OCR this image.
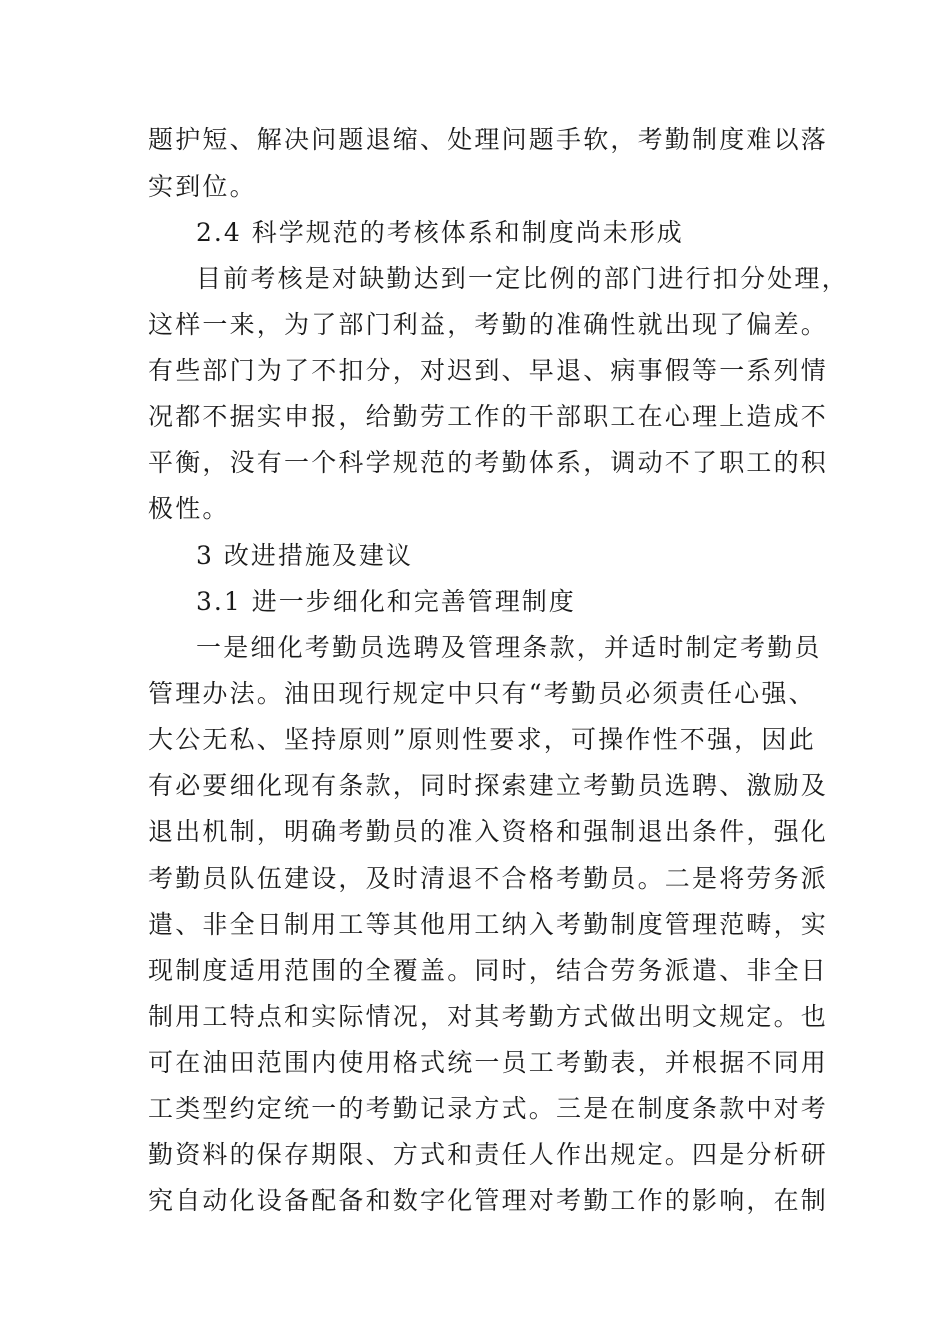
题护短、解决问题退缩、处理问题手软，考勤制度难以落
实到位。
2.4 科学规范的考核体系和制度尚未形成
目前考核是对缺勤达到一定比例的部门进行扣分处理，
这样一来，为了部门利益，考勤的准确性就出现了偏差。
有些部门为了不扣分，对迟到、早退、病事假等一系列情
况都不据实申报，给勤劳工作的干部职工在心理上造成不
平衡，没有一个科学规范的考勤体系，调动不了职工的积
极性。
3 改进措施及建议
3.1 进一步细化和完善管理制度
一是细化考勤员选聘及管理条款，并适时制定考勤员
管理办法。油田现行规定中只有“考勤员必须责任心强、
大公无私、坚持原则”原则性要求，可操作性不强，因此
有必要细化现有条款，同时探索建立考勤员选聘、激励及
退出机制，明确考勤员的准入资格和强制退出条件，强化
考勤员队伍建设，及时清退不合格考勤员。二是将劳务派
遣、非全日制用工等其他用工纳入考勤制度管理范畴，实
现制度适用范围的全覆盖。同时，结合劳务派遣、非全日
制用工特点和实际情况，对其考勤方式做出明文规定。也
可在油田范围内使用格式统一员工考勤表，并根据不同用
工类型约定统一的考勤记录方式。三是在制度条款中对考
勤资料的保存期限、方式和责任人作出规定。四是分析研
究自动化设备配备和数字化管理对考勤工作的影响，在制
